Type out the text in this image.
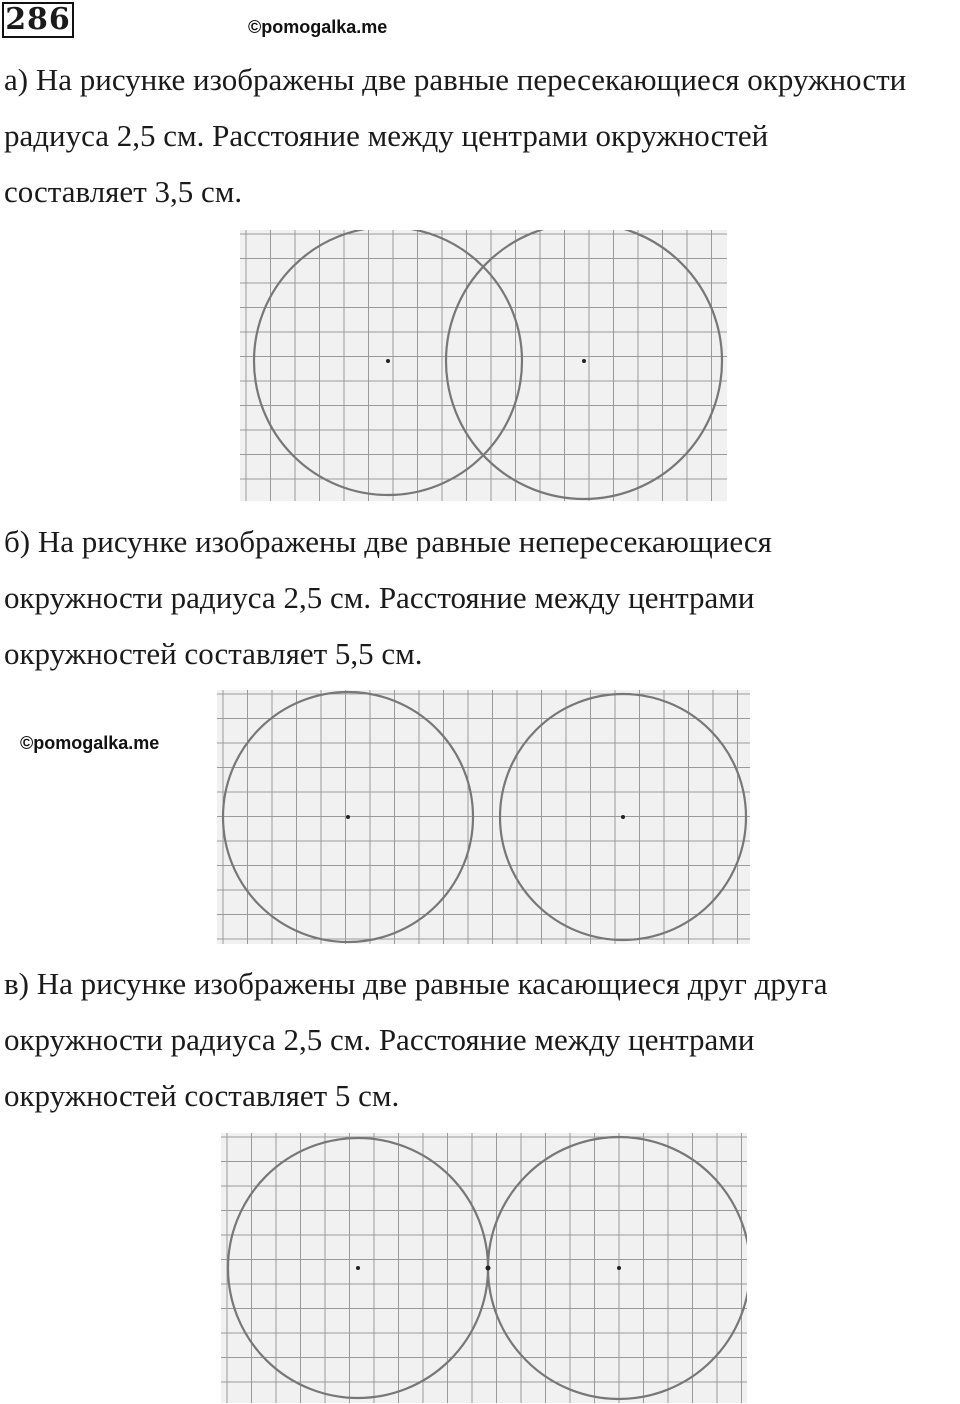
286	©pomogalka.me
а) На рисунке изображены две равные пересекающиеся окружности
радиуса 2,5 см. Расстояние между центрами окружностей
составляет 3,5 см.
б) На рисунке изображены две равные непересекающиеся
окружности радиуса 2,5 см. Расстояние между центрами
окружностей составляет 5,5 см.
©pomogalka.me
в) На рисунке изображены две равные касающиеся друг друга
окружности радиуса 2,5 см. Расстояние между центрами
окружностей составляет 5 см.
